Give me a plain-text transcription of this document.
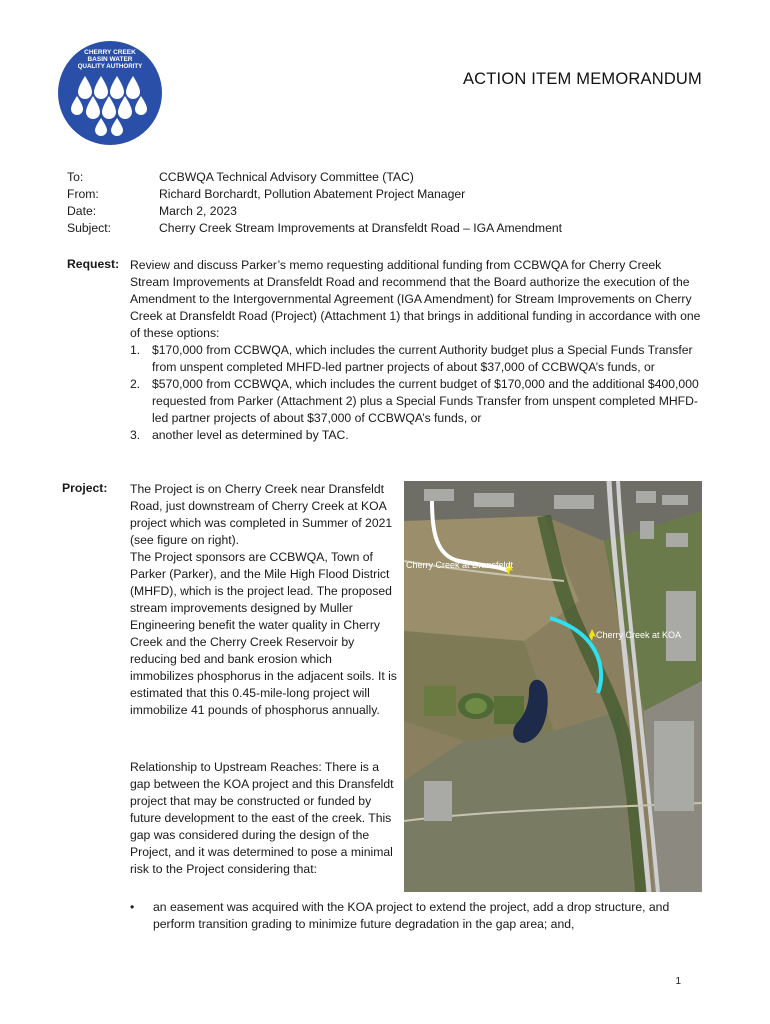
CHERRY CREEK
BASIN WATER
QUALITY AUTHORITY
ACTION ITEM MEMORANDUM
To:	CCBWQA Technical Advisory Committee (TAC)
From:	Richard Borchardt, Pollution Abatement Project Manager
Date:	March 2, 2023
Subject:	Cherry Creek Stream Improvements at Dransfeldt Road – IGA Amendment
Request: Review and discuss Parker’s memo requesting additional funding from CCBWQA for Cherry Creek Stream Improvements at Dransfeldt Road and recommend that the Board authorize the execution of the Amendment to the Intergovernmental Agreement (IGA Amendment) for Stream Improvements on Cherry Creek at Dransfeldt Road (Project) (Attachment 1) that brings in additional funding in accordance with one of these options:

1. $170,000 from CCBWQA, which includes the current Authority budget plus a Special Funds Transfer from unspent completed MHFD-led partner projects of about $37,000 of CCBWQA’s funds, or
2. $570,000 from CCBWQA, which includes the current budget of $170,000 and the additional $400,000 requested from Parker (Attachment 2) plus a Special Funds Transfer from unspent completed MHFD-led partner projects of about $37,000 of CCBWQA’s funds, or
3. another level as determined by TAC.
Project: The Project is on Cherry Creek near Dransfeldt Road, just downstream of Cherry Creek at KOA project which was completed in Summer of 2021 (see figure on right).

The Project sponsors are CCBWQA, Town of Parker (Parker), and the Mile High Flood District (MHFD), which is the project lead. The proposed stream improvements designed by Muller Engineering benefit the water quality in Cherry Creek and the Cherry Creek Reservoir by reducing bed and bank erosion which immobilizes phosphorus in the adjacent soils. It is estimated that this 0.45-mile-long project will immobilize 41 pounds of phosphorus annually.

Relationship to Upstream Reaches: There is a gap between the KOA project and this Dransfeldt project that may be constructed or funded by future development to the east of the creek. This gap was considered during the design of the Project, and it was determined to pose a minimal risk to the Project considering that:
• an easement was acquired with the KOA project to extend the project, add a drop structure, and perform transition grading to minimize future degradation in the gap area; and,
Cherry Creek at Dransfeldt
Cherry Creek at KOA
1
